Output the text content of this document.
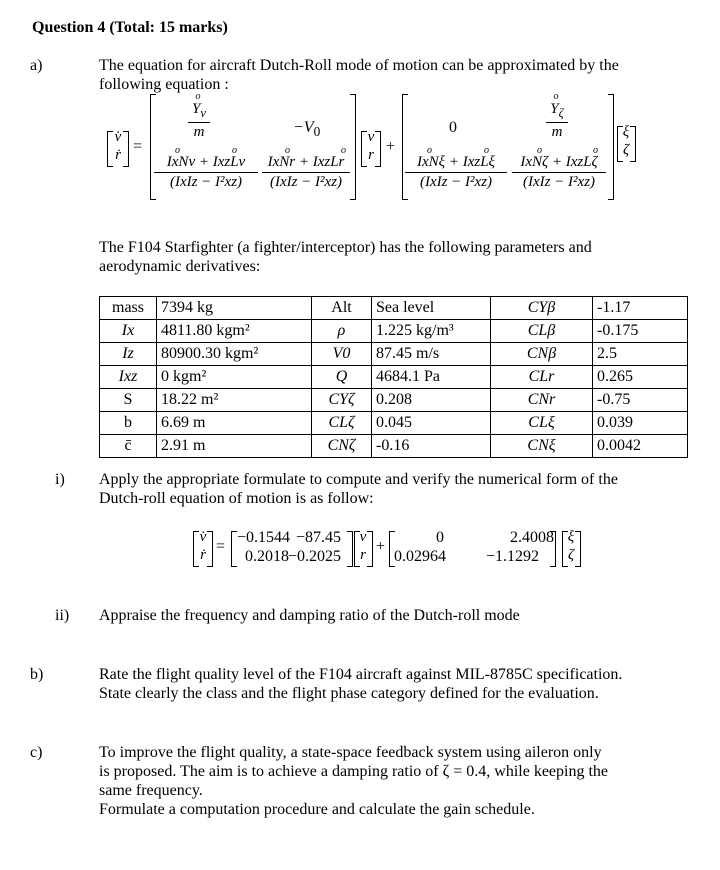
Question 4 (Total: 15 marks)
a)	The equation for aircraft Dutch-Roll mode of motion can be approximated by the
following equation :
v̇
ṙ =
o
$Y_v$
m	$-V_0$
o	o
IxNv + IxzLv
(IxIz − I²xz)
o	o
IxNr + IxzLr
(IxIz − I²xz)
v
r +
0
o
$Y_\zeta$
m
o	o
IxNξ + IxzLξ
(IxIz − I²xz)
o	o
IxNζ + IxzLζ
(IxIz − I²xz)
ξ
ζ
The F104 Starfighter (a fighter/interceptor) has the following parameters and
aerodynamic derivatives:
mass	7394 kg	Alt	Sea level	CYβ	-1.17
Ix	4811.80 kgm²	ρ	1.225 kg/m³	CLβ	-0.175
Iz	80900.30 kgm²	V0	87.45 m/s	CNβ	2.5
Ixz	0 kgm²	Q	4684.1 Pa	CLr	0.265
S	18.22 m²	CYζ	0.208	CNr	-0.75
b	6.69 m	CLζ	0.045	CLξ	0.039
c̄	2.91 m	CNζ	-0.16	CNξ	0.0042
i) Apply the appropriate formulate to compute and verify the numerical form of the
Dutch-roll equation of motion is as follow:
v̇
ṙ =
−0.1544 −87.45
0.2018 −0.2025
v
r +
0	2.4008
0.02964	−1.1292
ξ
ζ
ii) Appraise the frequency and damping ratio of the Dutch-roll mode
b)	Rate the flight quality level of the F104 aircraft against MIL-8785C specification.
State clearly the class and the flight phase category defined for the evaluation.
c)	To improve the flight quality, a state-space feedback system using aileron only
is proposed. The aim is to achieve a damping ratio of ζ = 0.4, while keeping the
same frequency.
Formulate a computation procedure and calculate the gain schedule.
